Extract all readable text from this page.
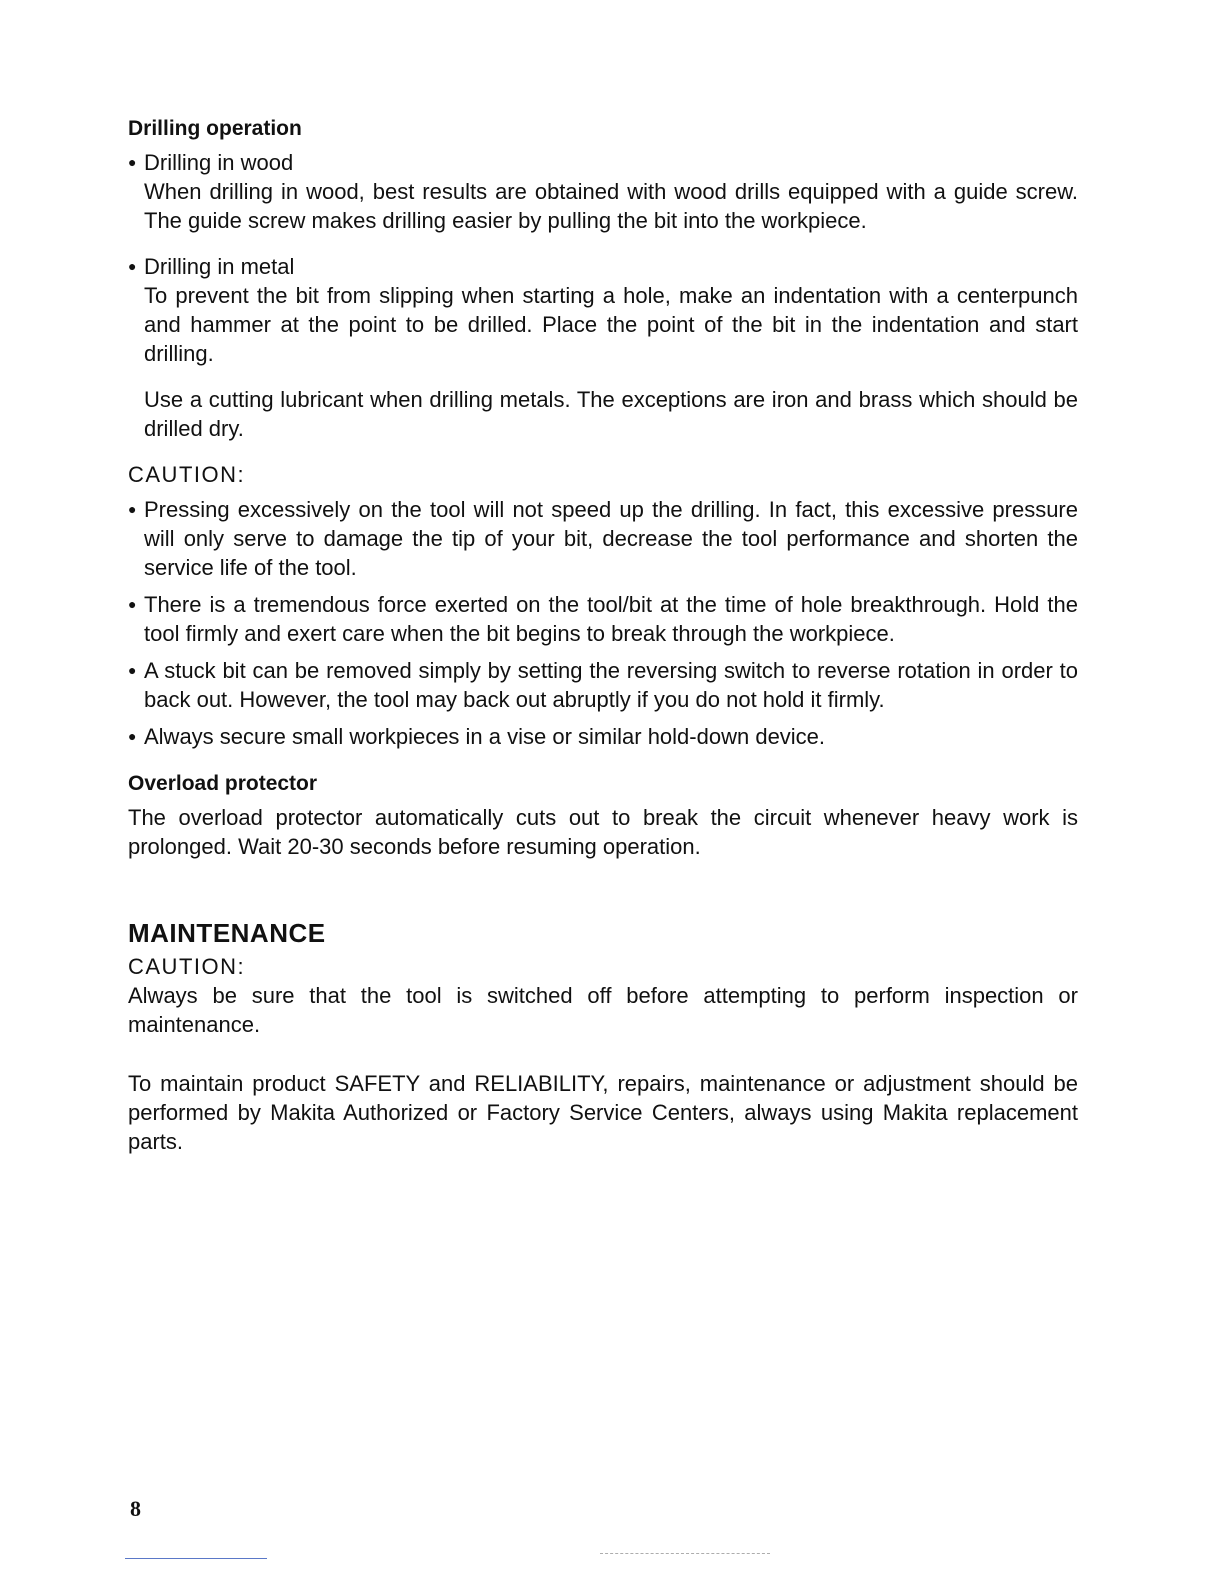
Drilling operation
● Drilling in wood

When drilling in wood, best results are obtained with wood drills equipped with a guide screw. The guide screw makes drilling easier by pulling the bit into the workpiece.

● Drilling in metal

To prevent the bit from slipping when starting a hole, make an indentation with a centerpunch and hammer at the point to be drilled. Place the point of the bit in the indentation and start drilling.

Use a cutting lubricant when drilling metals. The exceptions are iron and brass which should be drilled dry.

CAUTION:

● Pressing excessively on the tool will not speed up the drilling. In fact, this excessive pressure will only serve to damage the tip of your bit, decrease the tool performance and shorten the service life of the tool.
● There is a tremendous force exerted on the tool/bit at the time of hole breakthrough. Hold the tool firmly and exert care when the bit begins to break through the workpiece.
● A stuck bit can be removed simply by setting the reversing switch to reverse rotation in order to back out. However, the tool may back out abruptly if you do not hold it firmly.
● Always secure small workpieces in a vise or similar hold-down device.
Overload protector

The overload protector automatically cuts out to break the circuit whenever heavy work is prolonged. Wait 20-30 seconds before resuming operation.

MAINTENANCE

CAUTION:

Always be sure that the tool is switched off before attempting to perform inspection or maintenance.

To maintain product SAFETY and RELIABILITY, repairs, maintenance or adjustment should be performed by Makita Authorized or Factory Service Centers, always using Makita replacement parts.

8
